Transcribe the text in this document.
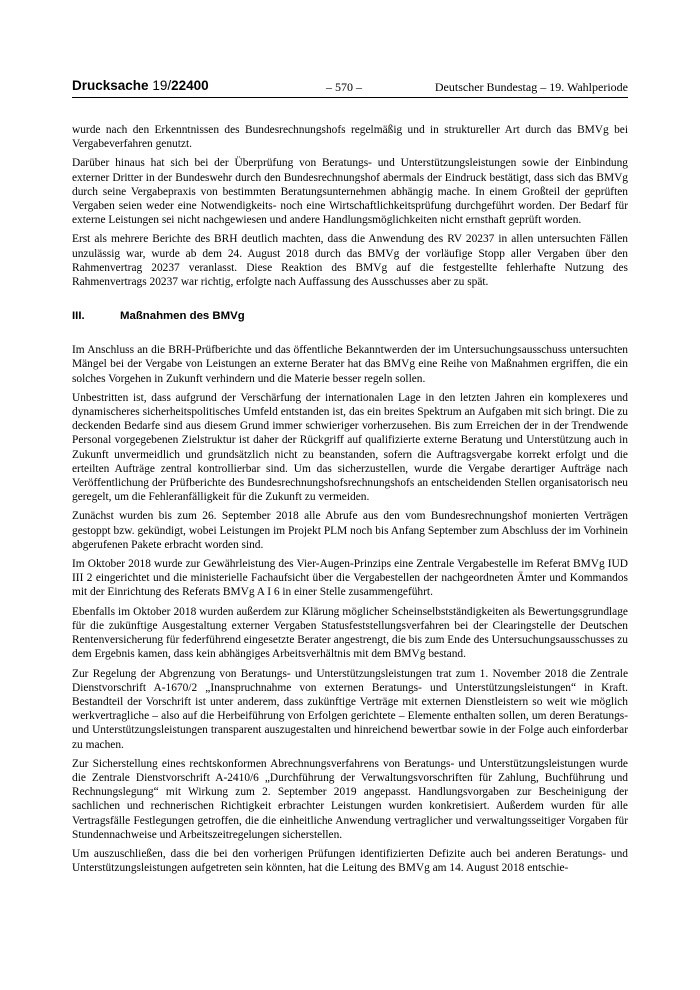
Drucksache 19/22400	– 570 –	Deutscher Bundestag – 19. Wahlperiode

wurde nach den Erkenntnissen des Bundesrechnungshofs regelmäßig und in struktureller Art durch das BMVg bei Vergabeverfahren genutzt.

Darüber hinaus hat sich bei der Überprüfung von Beratungs- und Unterstützungsleistungen sowie der Einbindung externer Dritter in der Bundeswehr durch den Bundesrechnungshof abermals der Eindruck bestätigt, dass sich das BMVg durch seine Vergabepraxis von bestimmten Beratungsunternehmen abhängig mache. In einem Großteil der geprüften Vergaben seien weder eine Notwendigkeits- noch eine Wirtschaftlichkeitsprüfung durchgeführt worden. Der Bedarf für externe Leistungen sei nicht nachgewiesen und andere Handlungsmöglichkeiten nicht ernsthaft geprüft worden.

Erst als mehrere Berichte des BRH deutlich machten, dass die Anwendung des RV 20237 in allen untersuchten Fällen unzulässig war, wurde ab dem 24. August 2018 durch das BMVg der vorläufige Stopp aller Vergaben über den Rahmenvertrag 20237 veranlasst. Diese Reaktion des BMVg auf die festgestellte fehlerhafte Nutzung des Rahmenvertrags 20237 war richtig, erfolgte nach Auffassung des Ausschusses aber zu spät.

III.	Maßnahmen des BMVg

Im Anschluss an die BRH-Prüfberichte und das öffentliche Bekanntwerden der im Untersuchungsausschuss untersuchten Mängel bei der Vergabe von Leistungen an externe Berater hat das BMVg eine Reihe von Maßnahmen ergriffen, die ein solches Vorgehen in Zukunft verhindern und die Materie besser regeln sollen.

Unbestritten ist, dass aufgrund der Verschärfung der internationalen Lage in den letzten Jahren ein komplexeres und dynamischeres sicherheitspolitisches Umfeld entstanden ist, das ein breites Spektrum an Aufgaben mit sich bringt. Die zu deckenden Bedarfe sind aus diesem Grund immer schwieriger vorherzusehen. Bis zum Erreichen der in der Trendwende Personal vorgegebenen Zielstruktur ist daher der Rückgriff auf qualifizierte externe Beratung und Unterstützung auch in Zukunft unvermeidlich und grundsätzlich nicht zu beanstanden, sofern die Auftragsvergabe korrekt erfolgt und die erteilten Aufträge zentral kontrollierbar sind. Um das sicherzustellen, wurde die Vergabe derartiger Aufträge nach Veröffentlichung der Prüfberichte des Bundesrechnungshofsrechnungshofs an entscheidenden Stellen organisatorisch neu geregelt, um die Fehleranfälligkeit für die Zukunft zu vermeiden.

Zunächst wurden bis zum 26. September 2018 alle Abrufe aus den vom Bundesrechnungshof monierten Verträgen gestoppt bzw. gekündigt, wobei Leistungen im Projekt PLM noch bis Anfang September zum Abschluss der im Vorhinein abgerufenen Pakete erbracht worden sind.

Im Oktober 2018 wurde zur Gewährleistung des Vier-Augen-Prinzips eine Zentrale Vergabestelle im Referat BMVg IUD III 2 eingerichtet und die ministerielle Fachaufsicht über die Vergabestellen der nachgeordneten Ämter und Kommandos mit der Einrichtung des Referats BMVg A I 6 in einer Stelle zusammengeführt.

Ebenfalls im Oktober 2018 wurden außerdem zur Klärung möglicher Scheinselbstständigkeiten als Bewertungsgrundlage für die zukünftige Ausgestaltung externer Vergaben Statusfeststellungsverfahren bei der Clearingstelle der Deutschen Rentenversicherung für federführend eingesetzte Berater angestrengt, die bis zum Ende des Untersuchungsausschusses zu dem Ergebnis kamen, dass kein abhängiges Arbeitsverhältnis mit dem BMVg bestand.

Zur Regelung der Abgrenzung von Beratungs- und Unterstützungsleistungen trat zum 1. November 2018 die Zentrale Dienstvorschrift A-1670/2 „Inanspruchnahme von externen Beratungs- und Unterstützungsleistungen“ in Kraft. Bestandteil der Vorschrift ist unter anderem, dass zukünftige Verträge mit externen Dienstleistern so weit wie möglich werkvertragliche – also auf die Herbeiführung von Erfolgen gerichtete – Elemente enthalten sollen, um deren Beratungs- und Unterstützungsleistungen transparent auszugestalten und hinreichend bewertbar sowie in der Folge auch einforderbar zu machen.

Zur Sicherstellung eines rechtskonformen Abrechnungsverfahrens von Beratungs- und Unterstützungsleistungen wurde die Zentrale Dienstvorschrift A-2410/6 „Durchführung der Verwaltungsvorschriften für Zahlung, Buchführung und Rechnungslegung“ mit Wirkung zum 2. September 2019 angepasst. Handlungsvorgaben zur Bescheinigung der sachlichen und rechnerischen Richtigkeit erbrachter Leistungen wurden konkretisiert. Außerdem wurden für alle Vertragsfälle Festlegungen getroffen, die die einheitliche Anwendung vertraglicher und verwaltungsseitiger Vorgaben für Stundennachweise und Arbeitszeitregelungen sicherstellen.

Um auszuschließen, dass die bei den vorherigen Prüfungen identifizierten Defizite auch bei anderen Beratungs- und Unterstützungsleistungen aufgetreten sein könnten, hat die Leitung des BMVg am 14. August 2018 entschie-
